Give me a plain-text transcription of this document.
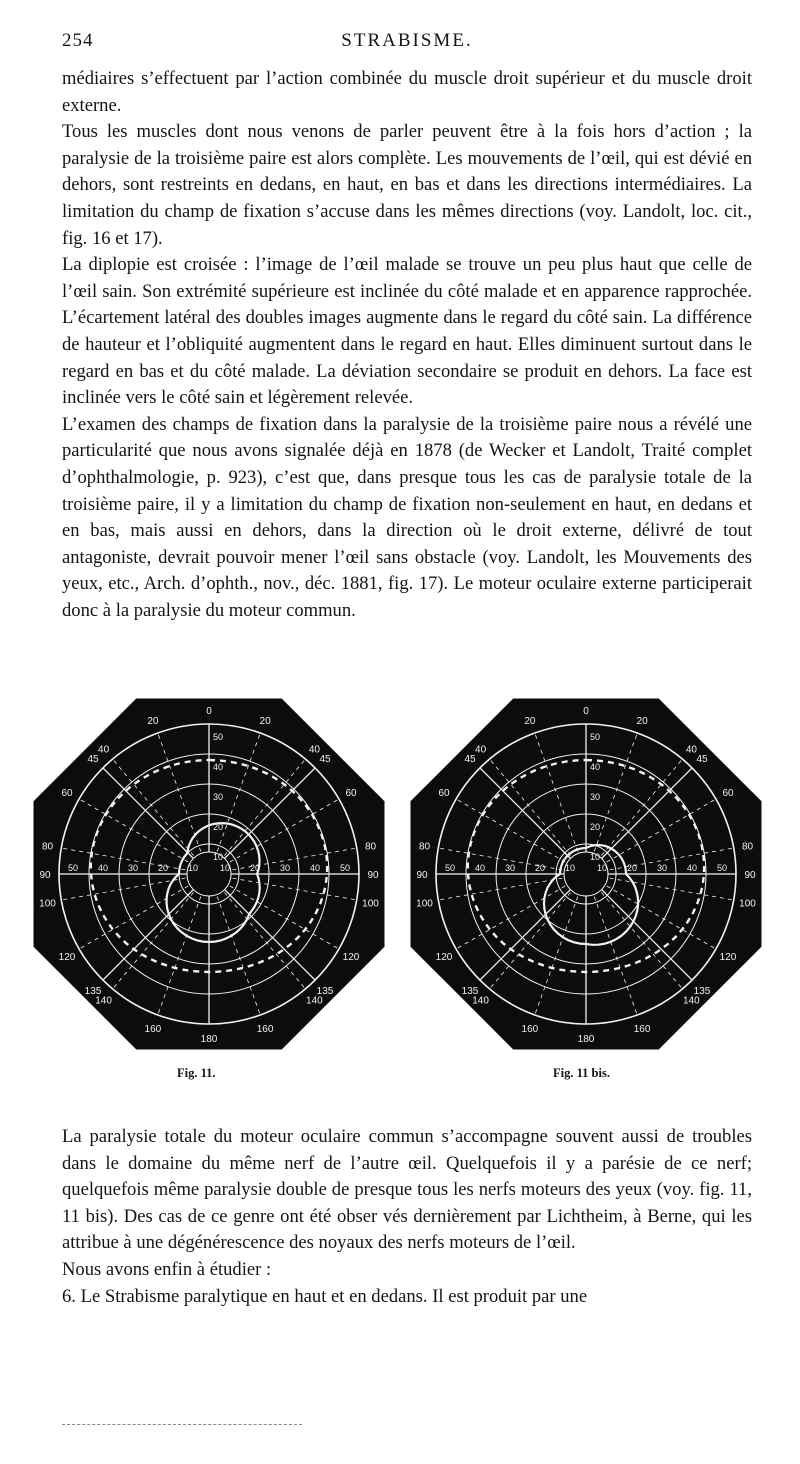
254	STRABISME.

médiaires s’effectuent par l’action combinée du muscle droit supérieur et du muscle droit externe.

Tous les muscles dont nous venons de parler peuvent être à la fois hors d’action ; la paralysie de la troisième paire est alors complète. Les mouvements de l’œil, qui est dévié en dehors, sont restreints en dedans, en haut, en bas et dans les directions intermédiaires. La limitation du champ de fixation s’accuse dans les mêmes directions (voy. Landolt, loc. cit., fig. 16 et 17).

La diplopie est croisée : l’image de l’œil malade se trouve un peu plus haut que celle de l’œil sain. Son extrémité supérieure est inclinée du côté malade et en apparence rapprochée. L’écartement latéral des doubles images augmente dans le regard du côté sain. La différence de hauteur et l’obliquité augmentent dans le regard en haut. Elles diminuent surtout dans le regard en bas et du côté malade. La déviation secondaire se produit en dehors. La face est inclinée vers le côté sain et légèrement relevée.

L’examen des champs de fixation dans la paralysie de la troisième paire nous a révélé une particularité que nous avons signalée déjà en 1878 (de Wecker et Landolt, Traité complet d’ophthalmologie, p. 923), c’est que, dans presque tous les cas de paralysie totale de la troisième paire, il y a limitation du champ de fixation non-seulement en haut, en dedans et en bas, mais aussi en dehors, dans la direction où le droit externe, délivré de tout antagoniste, devrait pouvoir mener l’œil sans obstacle (voy. Landolt, les Mouvements des yeux, etc., Arch. d’ophth., nov., déc. 1881, fig. 17). Le moteur oculaire externe participerait donc à la paralysie du moteur commun.

0
20	20
40	40
45	45
60	60
80	80
90	90
100	100
120	120
135	135
140	140
160	160
180
50	50
50
40	40
40
30	30
30
20	20
20
10 10
10
0
20	20
40	40
45	45
60	60
80	80
90	90
100	100
120	120
135	135
140	140
160	160
180
50	50
50
40	40
40
30	30
30
20	20
20
10 10
10
Fig. 11.	Fig. 11 bis.

La paralysie totale du moteur oculaire commun s’accompagne souvent aussi de troubles dans le domaine du même nerf de l’autre œil. Quelquefois il y a parésie de ce nerf; quelquefois même paralysie double de presque tous les nerfs moteurs des yeux (voy. fig. 11, 11 bis). Des cas de ce genre ont été obser vés dernièrement par Lichtheim, à Berne, qui les attribue à une dégénérescence des noyaux des nerfs moteurs de l’œil.

Nous avons enfin à étudier :

6. Le Strabisme paralytique en haut et en dedans. Il est produit par une
